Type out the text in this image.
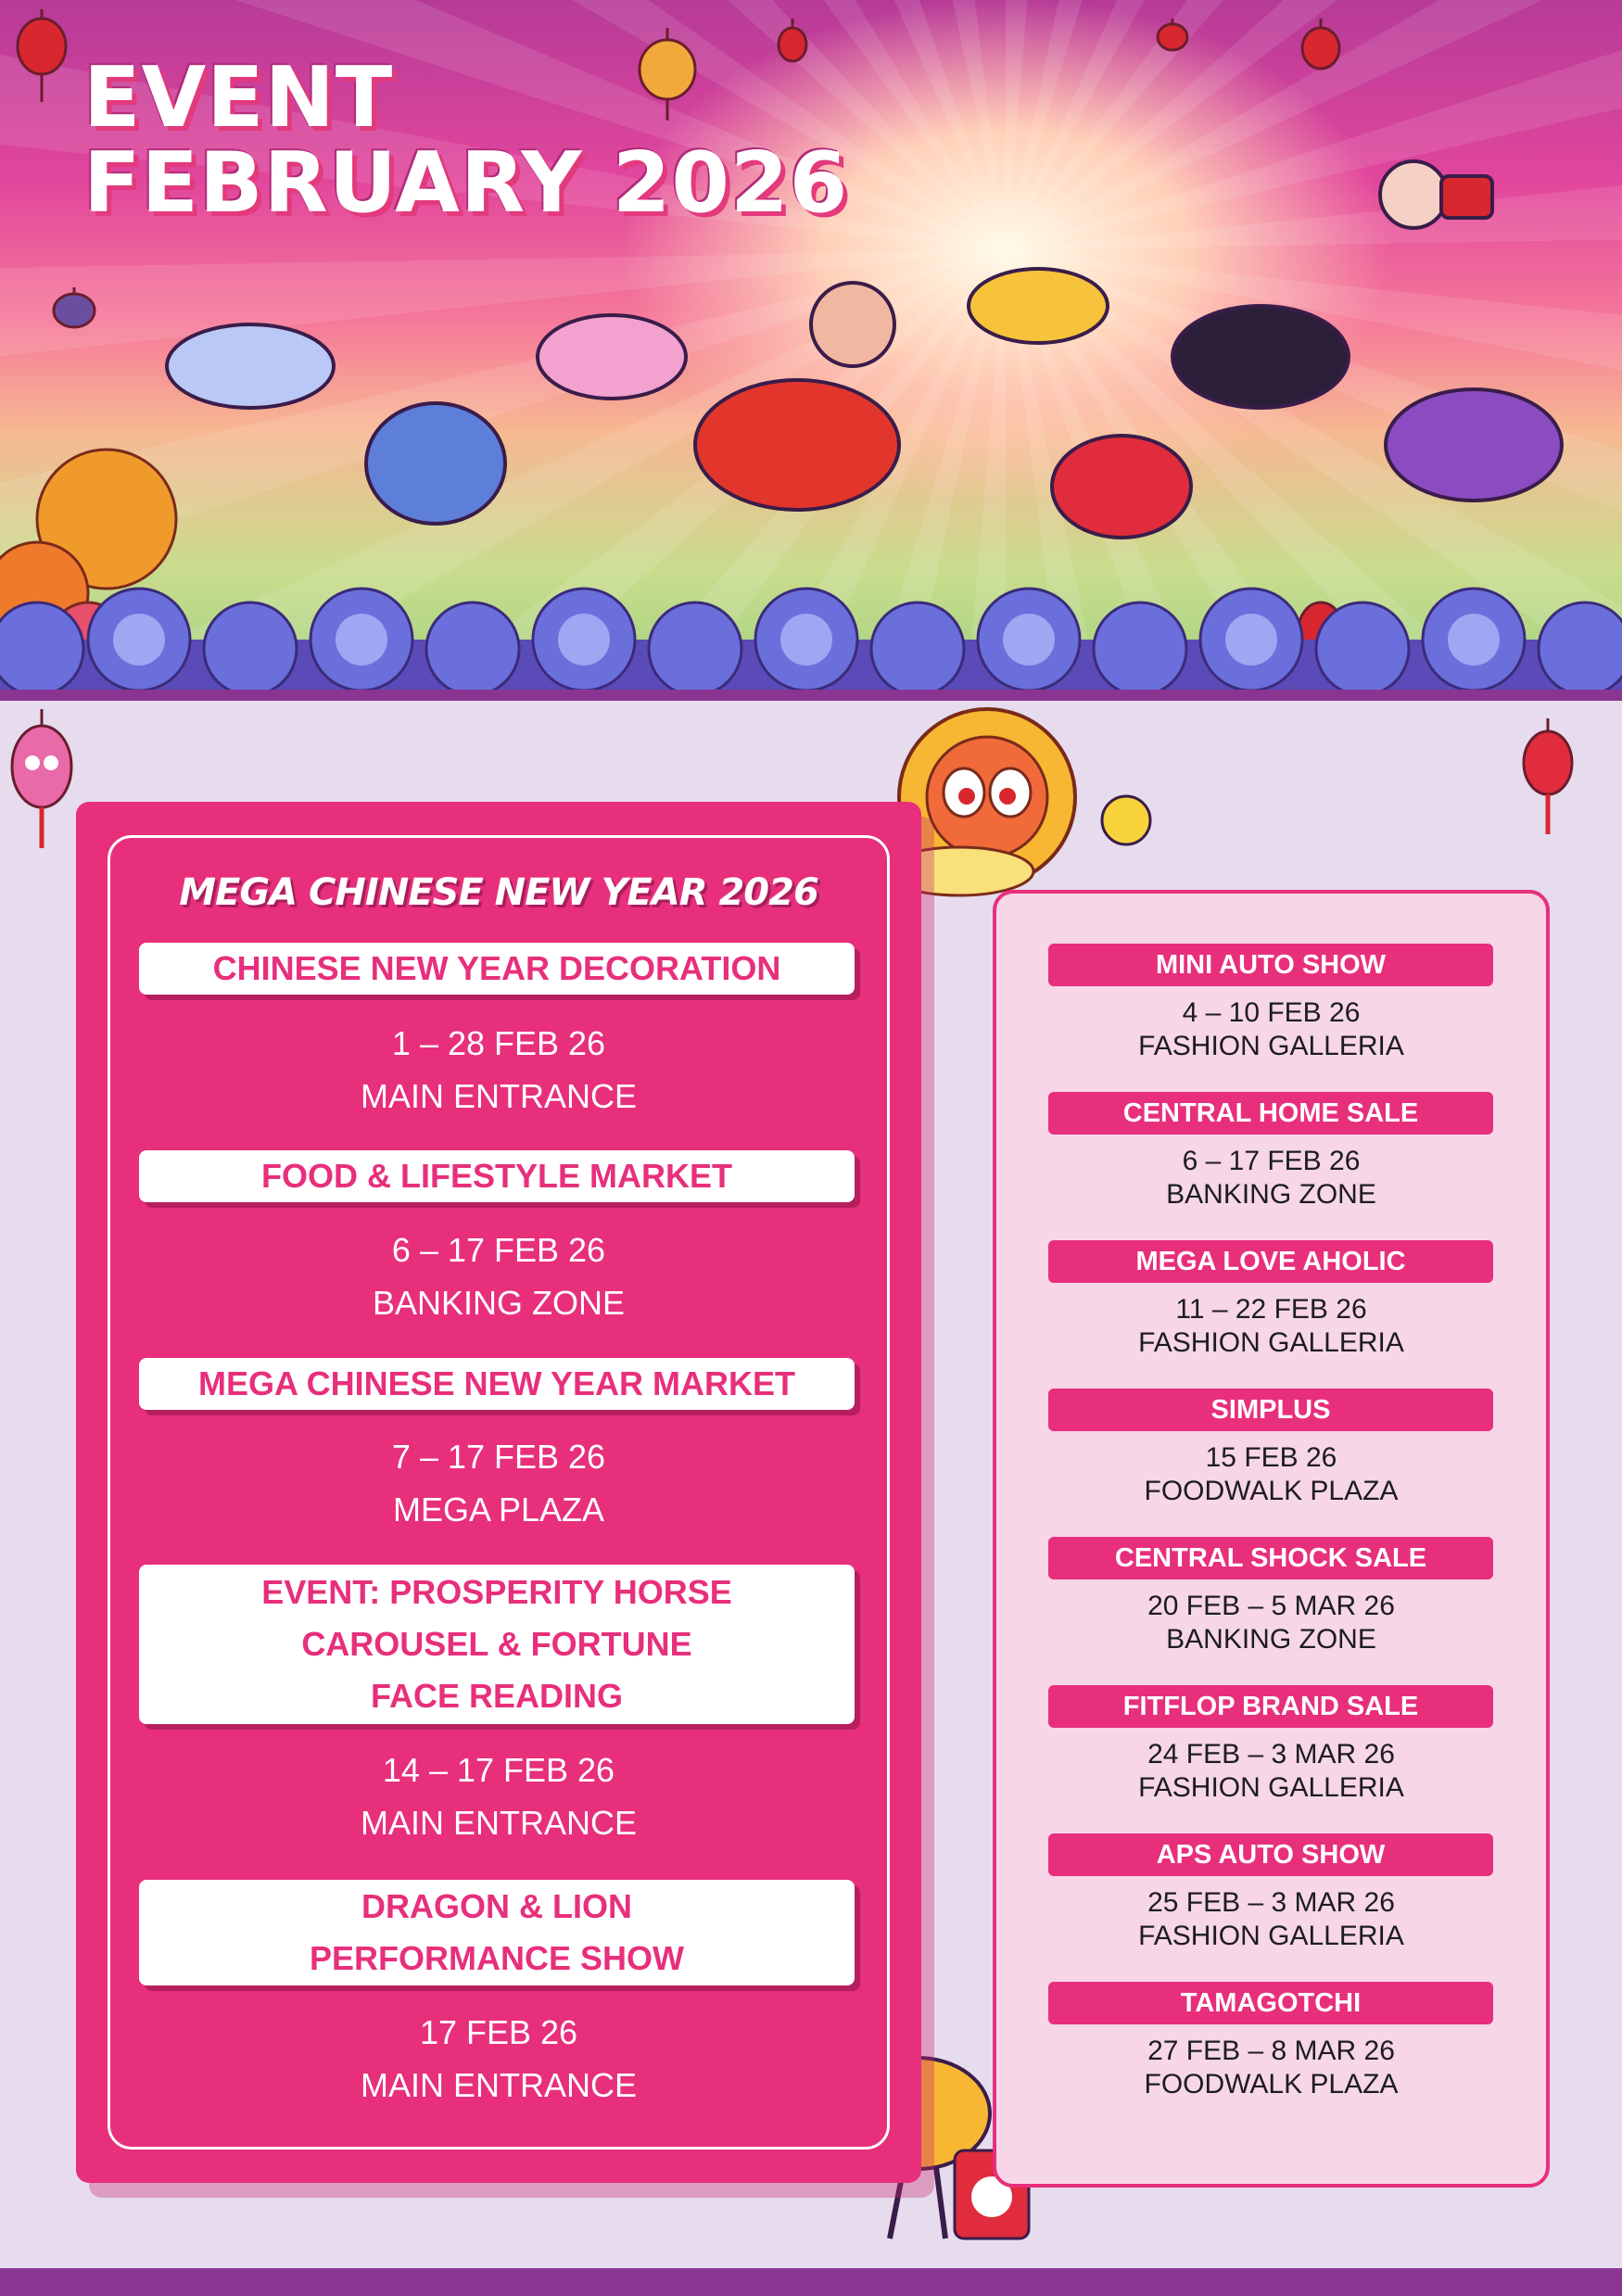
EVENT
FEBRUARY 2026
MEGA CHINESE NEW YEAR 2026
CHINESE NEW YEAR DECORATION
1 – 28 FEB 26
MAIN ENTRANCE
FOOD & LIFESTYLE MARKET
6 – 17 FEB 26
BANKING ZONE
MEGA CHINESE NEW YEAR MARKET
7 – 17 FEB 26
MEGA PLAZA
EVENT: PROSPERITY HORSE
CAROUSEL & FORTUNE
FACE READING
14 – 17 FEB 26
MAIN ENTRANCE
DRAGON & LION
PERFORMANCE SHOW
17 FEB 26
MAIN ENTRANCE
MINI AUTO SHOW
4 – 10 FEB 26
FASHION GALLERIA
CENTRAL HOME SALE
6 – 17 FEB 26
BANKING ZONE
MEGA LOVE AHOLIC
11 – 22 FEB 26
FASHION GALLERIA
SIMPLUS
15 FEB 26
FOODWALK PLAZA
CENTRAL SHOCK SALE
20 FEB – 5 MAR 26
BANKING ZONE
FITFLOP BRAND SALE
24 FEB – 3 MAR 26
FASHION GALLERIA
APS AUTO SHOW
25 FEB – 3 MAR 26
FASHION GALLERIA
TAMAGOTCHI
27 FEB – 8 MAR 26
FOODWALK PLAZA
